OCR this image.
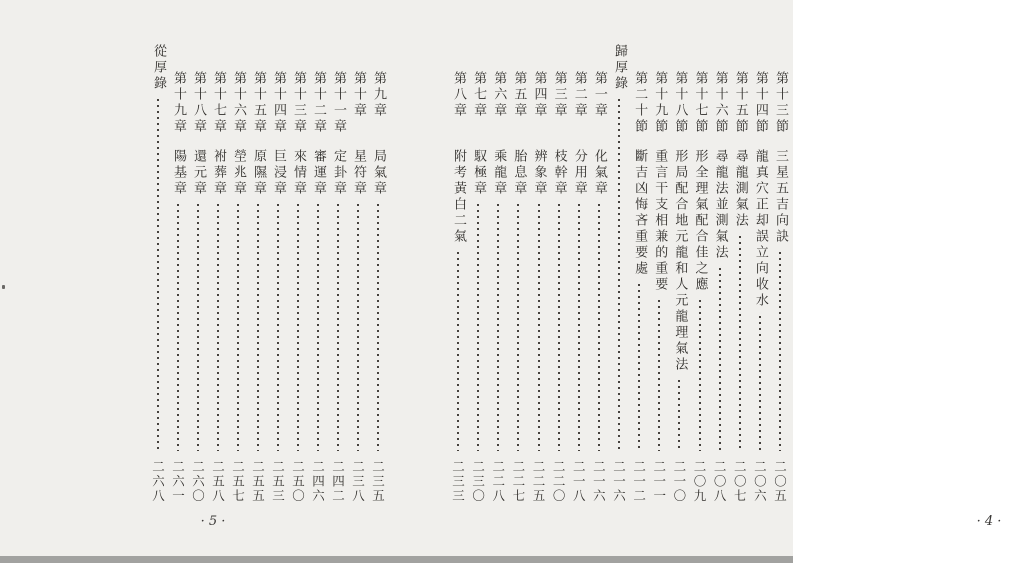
第十三節
三星五吉向訣
二〇五
第十四節
龍真穴正却誤立向收水
二〇六
第十五節
尋龍測氣法
二〇七
第十六節
尋龍法並測氣法
二〇八
第十七節
形全理氣配合佳之應
二〇九
第十八節
形局配合地元龍和人元龍理氣法
二一〇
第十九節
重言干支相兼的重要
二一一
第二十節
斷吉凶悔吝重要處
二一二
歸厚錄
二一六
第一章
化氣章
二一六
第二章
分用章
二一八
第三章
枝幹章
二二〇
第四章
辨象章
二二五
第五章
胎息章
二二七
第六章
乘龍章
二二八
第七章
馭極章
二三〇
第八章
附考黃白二氣
二三三
· 4 ·
第九章
局氣章
二三五
第十章
星符章
二三八
第十一章
定卦章
二四二
第十二章
審運章
二四六
第十三章
來情章
二五〇
第十四章
巨浸章
二五三
第十五章
原隰章
二五五
第十六章
塋兆章
二五七
第十七章
袝葬章
二五八
第十八章
還元章
二六〇
第十九章
陽基章
二六一
從厚錄
二六八
· 5 ·
